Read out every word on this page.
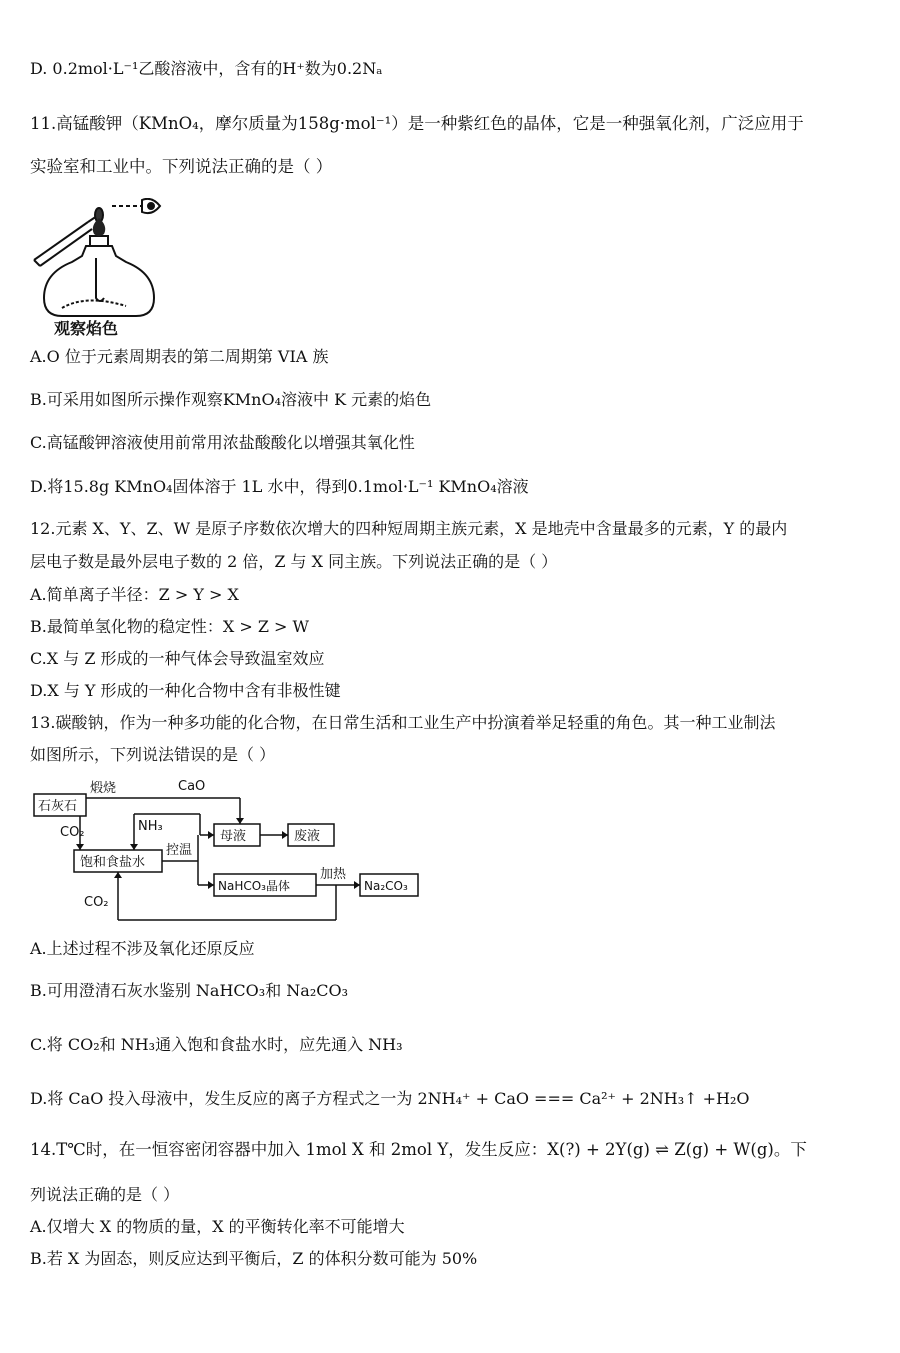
D. 0.2mol·L⁻¹乙酸溶液中，含有的H⁺数为0.2Nₐ
11.高锰酸钾（KMnO₄，摩尔质量为158g·mol⁻¹）是一种紫红色的晶体，它是一种强氧化剂，广泛应用于
实验室和工业中。下列说法正确的是（ ）
观察焰色
A.O 位于元素周期表的第二周期第 VIA 族
B.可采用如图所示操作观察KMnO₄溶液中 K 元素的焰色
C.高锰酸钾溶液使用前常用浓盐酸酸化以增强其氧化性
D.将15.8g KMnO₄固体溶于 1L 水中，得到0.1mol·L⁻¹ KMnO₄溶液
12.元素 X、Y、Z、W 是原子序数依次增大的四种短周期主族元素，X 是地壳中含量最多的元素，Y 的最内
层电子数是最外层电子数的 2 倍，Z 与 X 同主族。下列说法正确的是（ ）
A.简单离子半径：Z > Y > X
B.最简单氢化物的稳定性：X > Z > W
C.X 与 Z 形成的一种气体会导致温室效应
D.X 与 Y 形成的一种化合物中含有非极性键
13.碳酸钠，作为一种多功能的化合物，在日常生活和工业生产中扮演着举足轻重的角色。其一种工业制法
如图所示，下列说法错误的是（ ）
石灰石
煅烧	CaO
CO₂	NH₃
饱和食盐水
控温
母液	废液
NaHCO₃晶体
加热
Na₂CO₃
CO₂
A.上述过程不涉及氧化还原反应
B.可用澄清石灰水鉴别 NaHCO₃和 Na₂CO₃
C.将 CO₂和 NH₃通入饱和食盐水时，应先通入 NH₃
D.将 CaO 投入母液中，发生反应的离子方程式之一为 2NH₄⁺ + CaO === Ca²⁺ + 2NH₃↑ +H₂O
14.T℃时，在一恒容密闭容器中加入 1mol X 和 2mol Y，发生反应：X(?) + 2Y(g) ⇌ Z(g) + W(g)。下
列说法正确的是（ ）
A.仅增大 X 的物质的量，X 的平衡转化率不可能增大
B.若 X 为固态，则反应达到平衡后，Z 的体积分数可能为 50%
